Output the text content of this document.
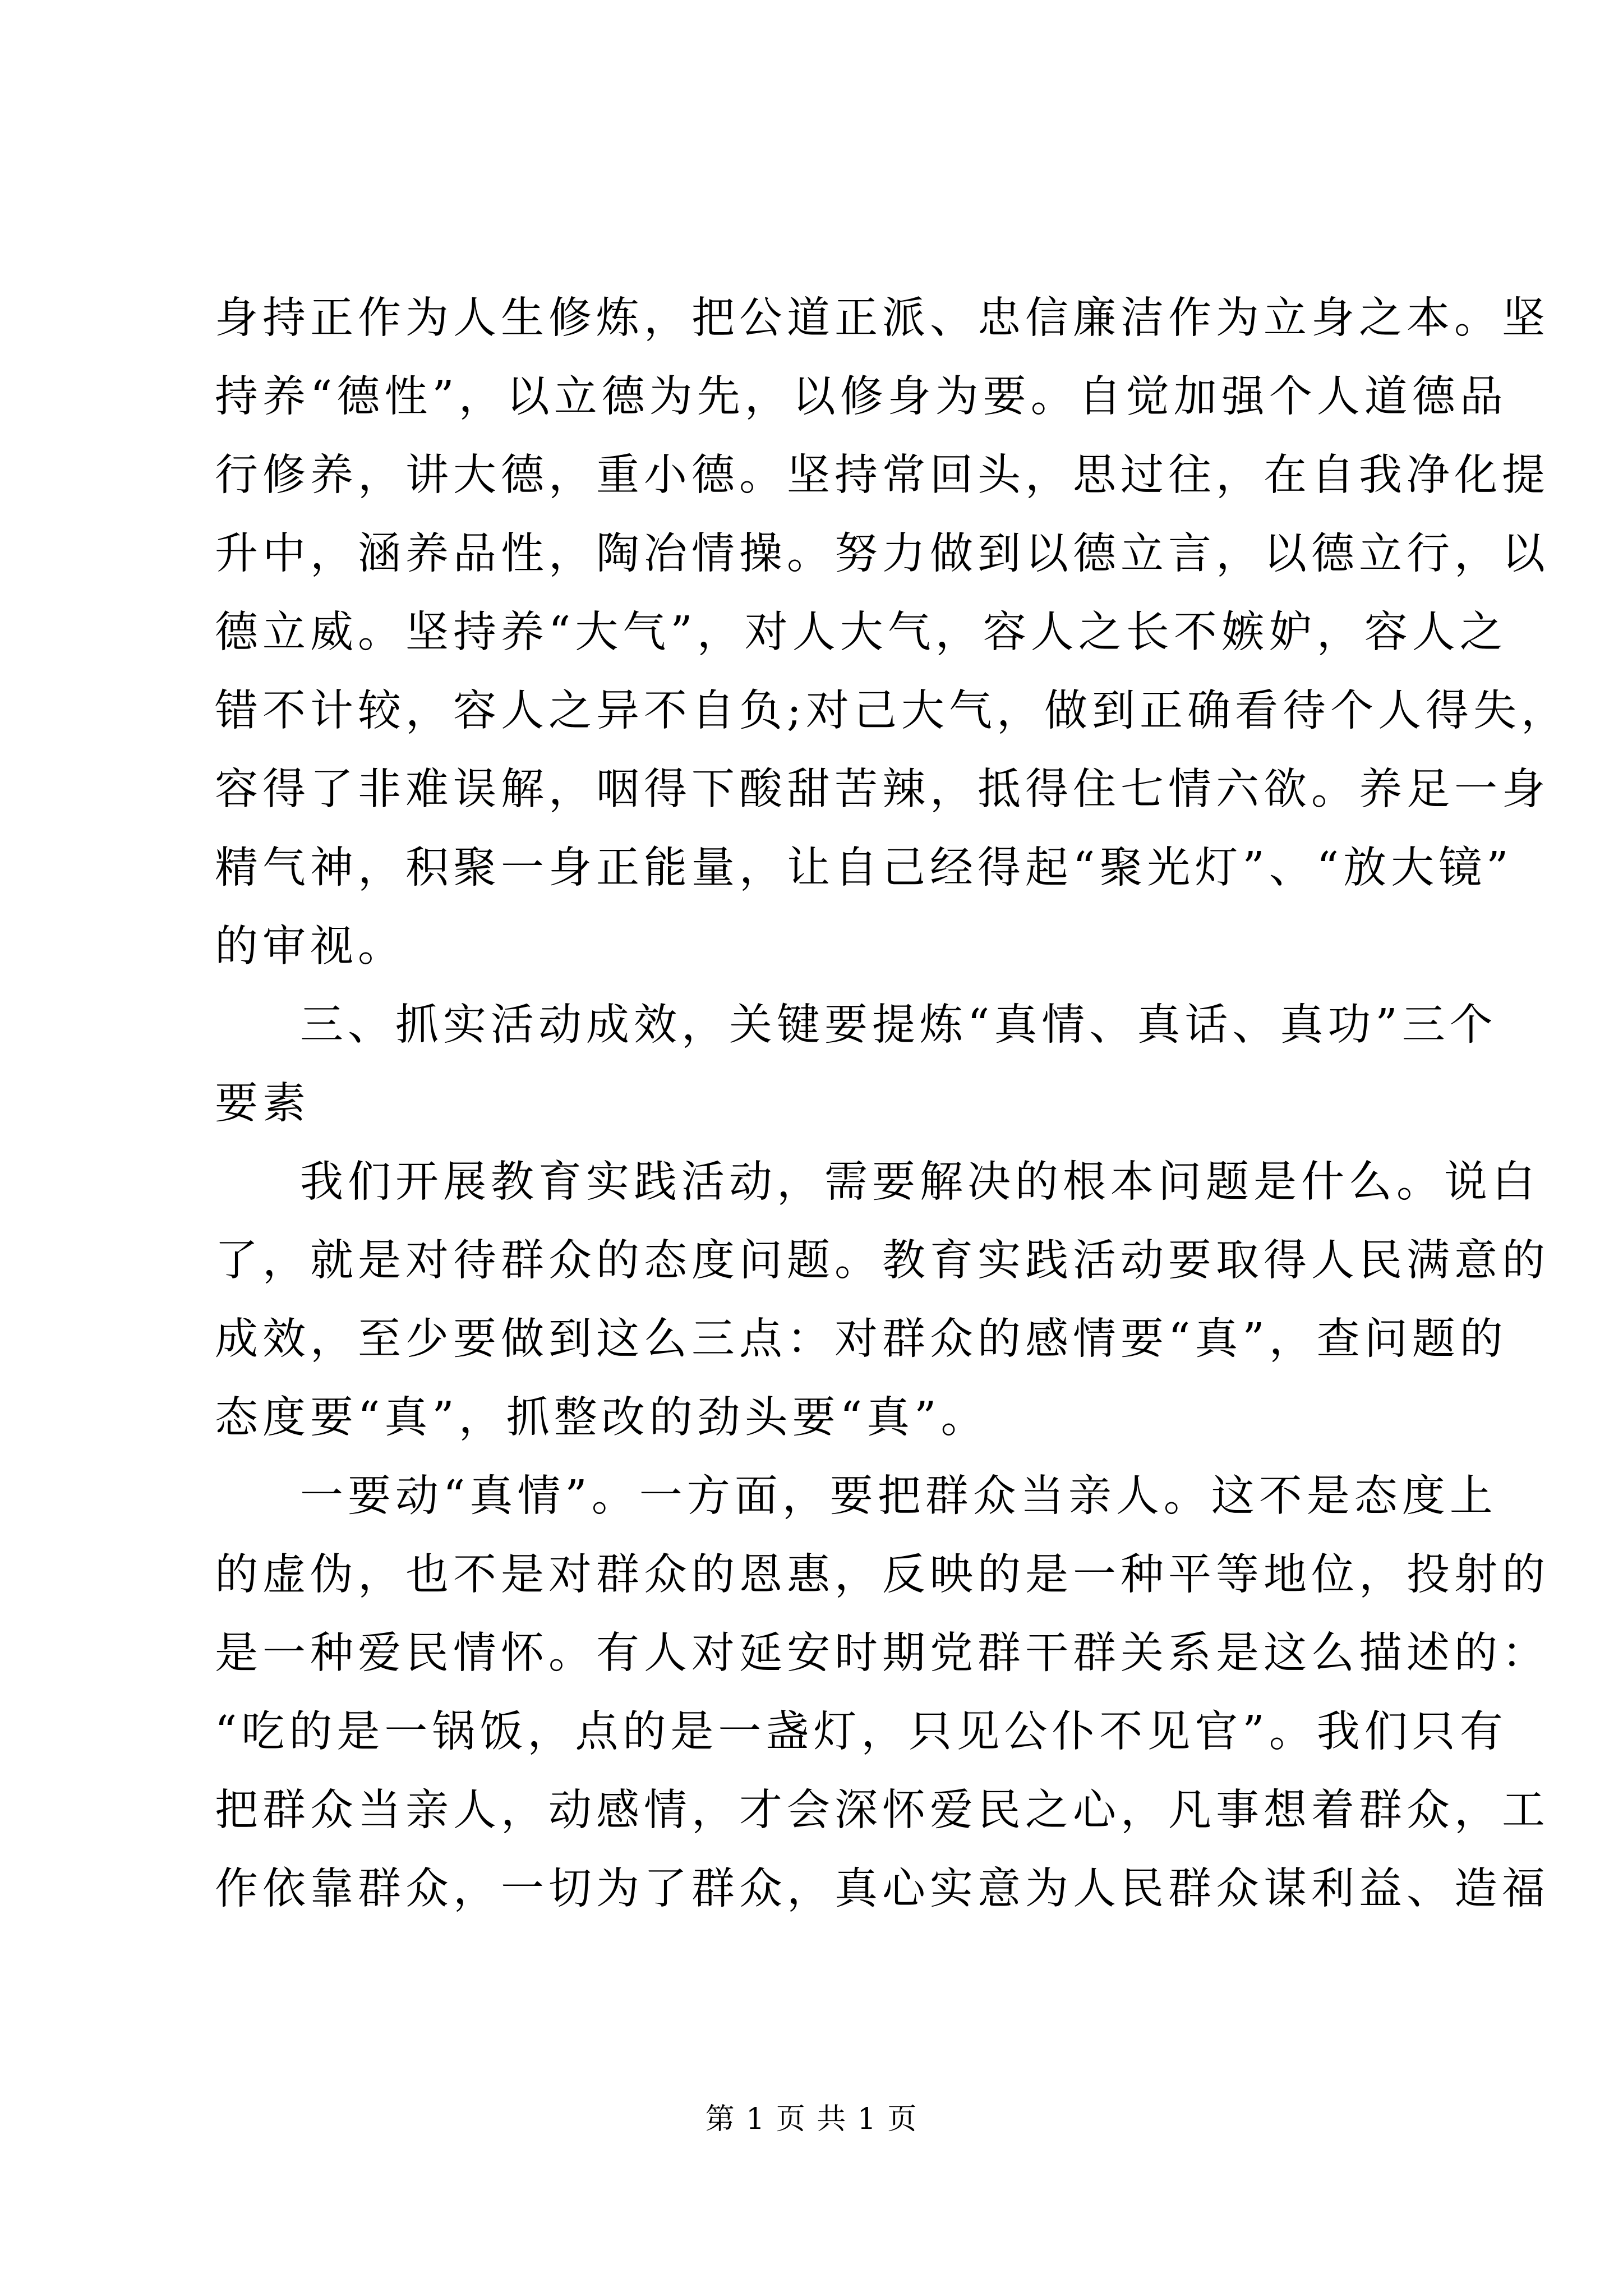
身持正作为人生修炼，把公道正派、忠信廉洁作为立身之本。坚
持养“德性”，以立德为先，以修身为要。自觉加强个人道德品
行修养，讲大德，重小德。坚持常回头，思过往，在自我净化提
升中，涵养品性，陶冶情操。努力做到以德立言，以德立行，以
德立威。坚持养“大气”，对人大气，容人之长不嫉妒，容人之
错不计较，容人之异不自负;对己大气，做到正确看待个人得失，
容得了非难误解，咽得下酸甜苦辣，抵得住七情六欲。养足一身
精气神，积聚一身正能量，让自己经得起“聚光灯”、“放大镜”
的审视。
三、抓实活动成效，关键要提炼“真情、真话、真功”三个
要素
我们开展教育实践活动，需要解决的根本问题是什么。说白
了，就是对待群众的态度问题。教育实践活动要取得人民满意的
成效，至少要做到这么三点：对群众的感情要“真”，查问题的
态度要“真”，抓整改的劲头要“真”。
一要动“真情”。一方面，要把群众当亲人。这不是态度上
的虚伪，也不是对群众的恩惠，反映的是一种平等地位，投射的
是一种爱民情怀。有人对延安时期党群干群关系是这么描述的：
“吃的是一锅饭，点的是一盏灯，只见公仆不见官”。我们只有
把群众当亲人，动感情，才会深怀爱民之心，凡事想着群众，工
作依靠群众，一切为了群众，真心实意为人民群众谋利益、造福
第 1 页 共 1 页
